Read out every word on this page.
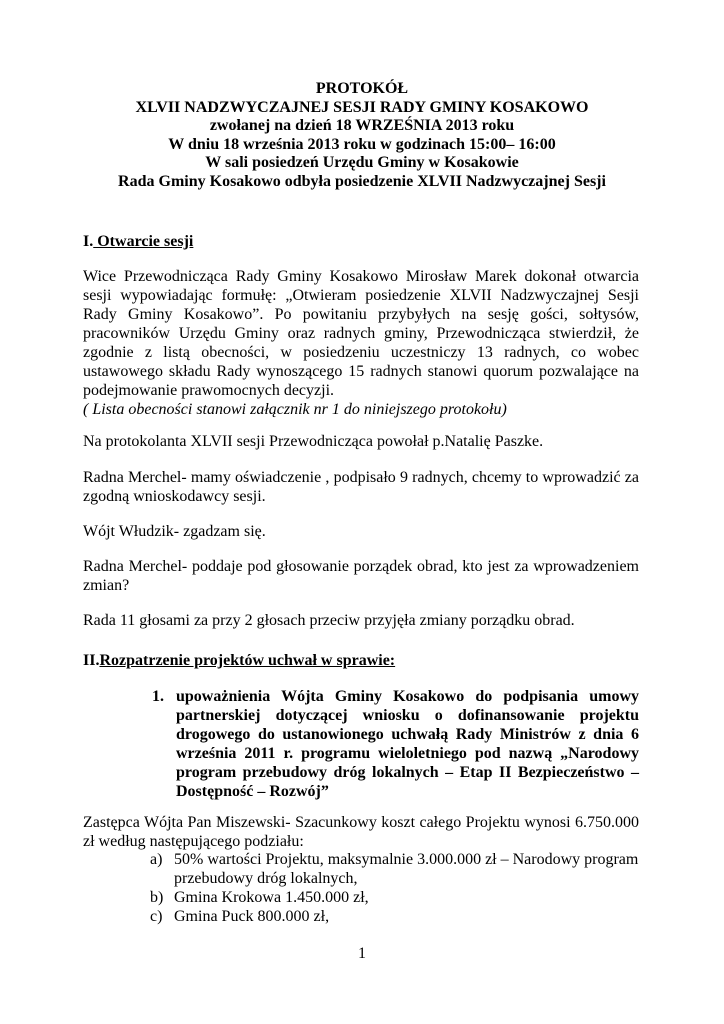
PROTOKÓŁ
XLVII NADZWYCZAJNEJ SESJI RADY GMINY KOSAKOWO
zwołanej na dzień 18 WRZEŚNIA 2013 roku
W dniu 18 września 2013 roku w godzinach 15:00– 16:00
W sali posiedzeń Urzędu Gminy w Kosakowie
Rada Gminy Kosakowo odbyła posiedzenie XLVII Nadzwyczajnej Sesji
I. Otwarcie sesji
Wice Przewodnicząca Rady Gminy Kosakowo Mirosław Marek dokonał otwarcia
sesji wypowiadając formułę: „Otwieram posiedzenie XLVII Nadzwyczajnej Sesji
Rady Gminy Kosakowo”. Po powitaniu przybyłych na sesję gości, sołtysów,
pracowników Urzędu Gminy oraz radnych gminy, Przewodnicząca stwierdził, że
zgodnie z listą obecności, w posiedzeniu uczestniczy 13 radnych, co wobec
ustawowego składu Rady wynoszącego 15 radnych stanowi quorum pozwalające na
podejmowanie prawomocnych decyzji.
( Lista obecności stanowi załącznik nr 1 do niniejszego protokołu)
Na protokolanta XLVII sesji Przewodnicząca powołał p.Natalię Paszke.
Radna Merchel- mamy oświadczenie , podpisało 9 radnych, chcemy to wprowadzić za
zgodną wnioskodawcy sesji.
Wójt Włudzik- zgadzam się.
Radna Merchel- poddaje pod głosowanie porządek obrad, kto jest za wprowadzeniem
zmian?
Rada 11 głosami za przy 2 głosach przeciw przyjęła zmiany porządku obrad.
II.Rozpatrzenie projektów uchwał w sprawie:
1. upoważnienia Wójta Gminy Kosakowo do podpisania umowy
partnerskiej dotyczącej wniosku o dofinansowanie projektu
drogowego do ustanowionego uchwałą Rady Ministrów z dnia 6
września 2011 r. programu wieloletniego pod nazwą „Narodowy
program przebudowy dróg lokalnych – Etap II Bezpieczeństwo –
Dostępność – Rozwój”
Zastępca Wójta Pan Miszewski- Szacunkowy koszt całego Projektu wynosi 6.750.000
zł według następującego podziału:
a) 50% wartości Projektu, maksymalnie 3.000.000 zł – Narodowy program przebudowy dróg lokalnych,
b) Gmina Krokowa 1.450.000 zł,
c) Gmina Puck 800.000 zł,
1
